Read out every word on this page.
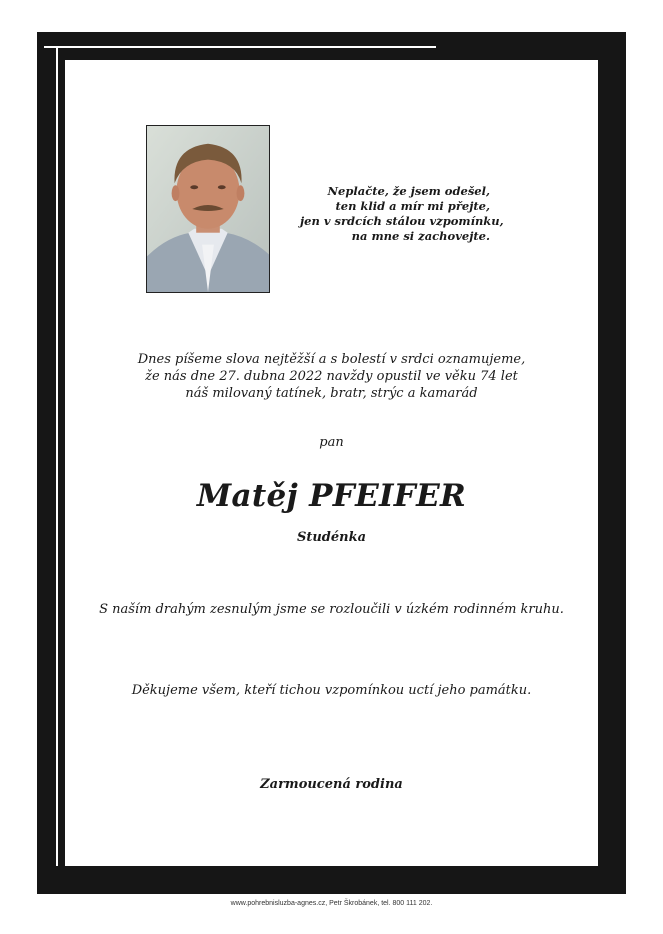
Neplačte, že jsem odešel,
ten klid a mír mi přejte,
jen v srdcích stálou vzpomínku,
na mne si zachovejte.
Dnes píšeme slova nejtěžší a s bolestí v srdci oznamujeme,
že nás dne 27. dubna 2022 navždy opustil ve věku 74 let
náš milovaný tatínek, bratr, strýc a kamarád
pan
Matěj PFEIFER
Studénka
S naším drahým zesnulým jsme se rozloučili v úzkém rodinném kruhu.
Děkujeme všem, kteří tichou vzpomínkou uctí jeho památku.
Zarmoucená rodina
www.pohrebnisluzba-agnes.cz, Petr Škrobánek, tel. 800 111 202.
